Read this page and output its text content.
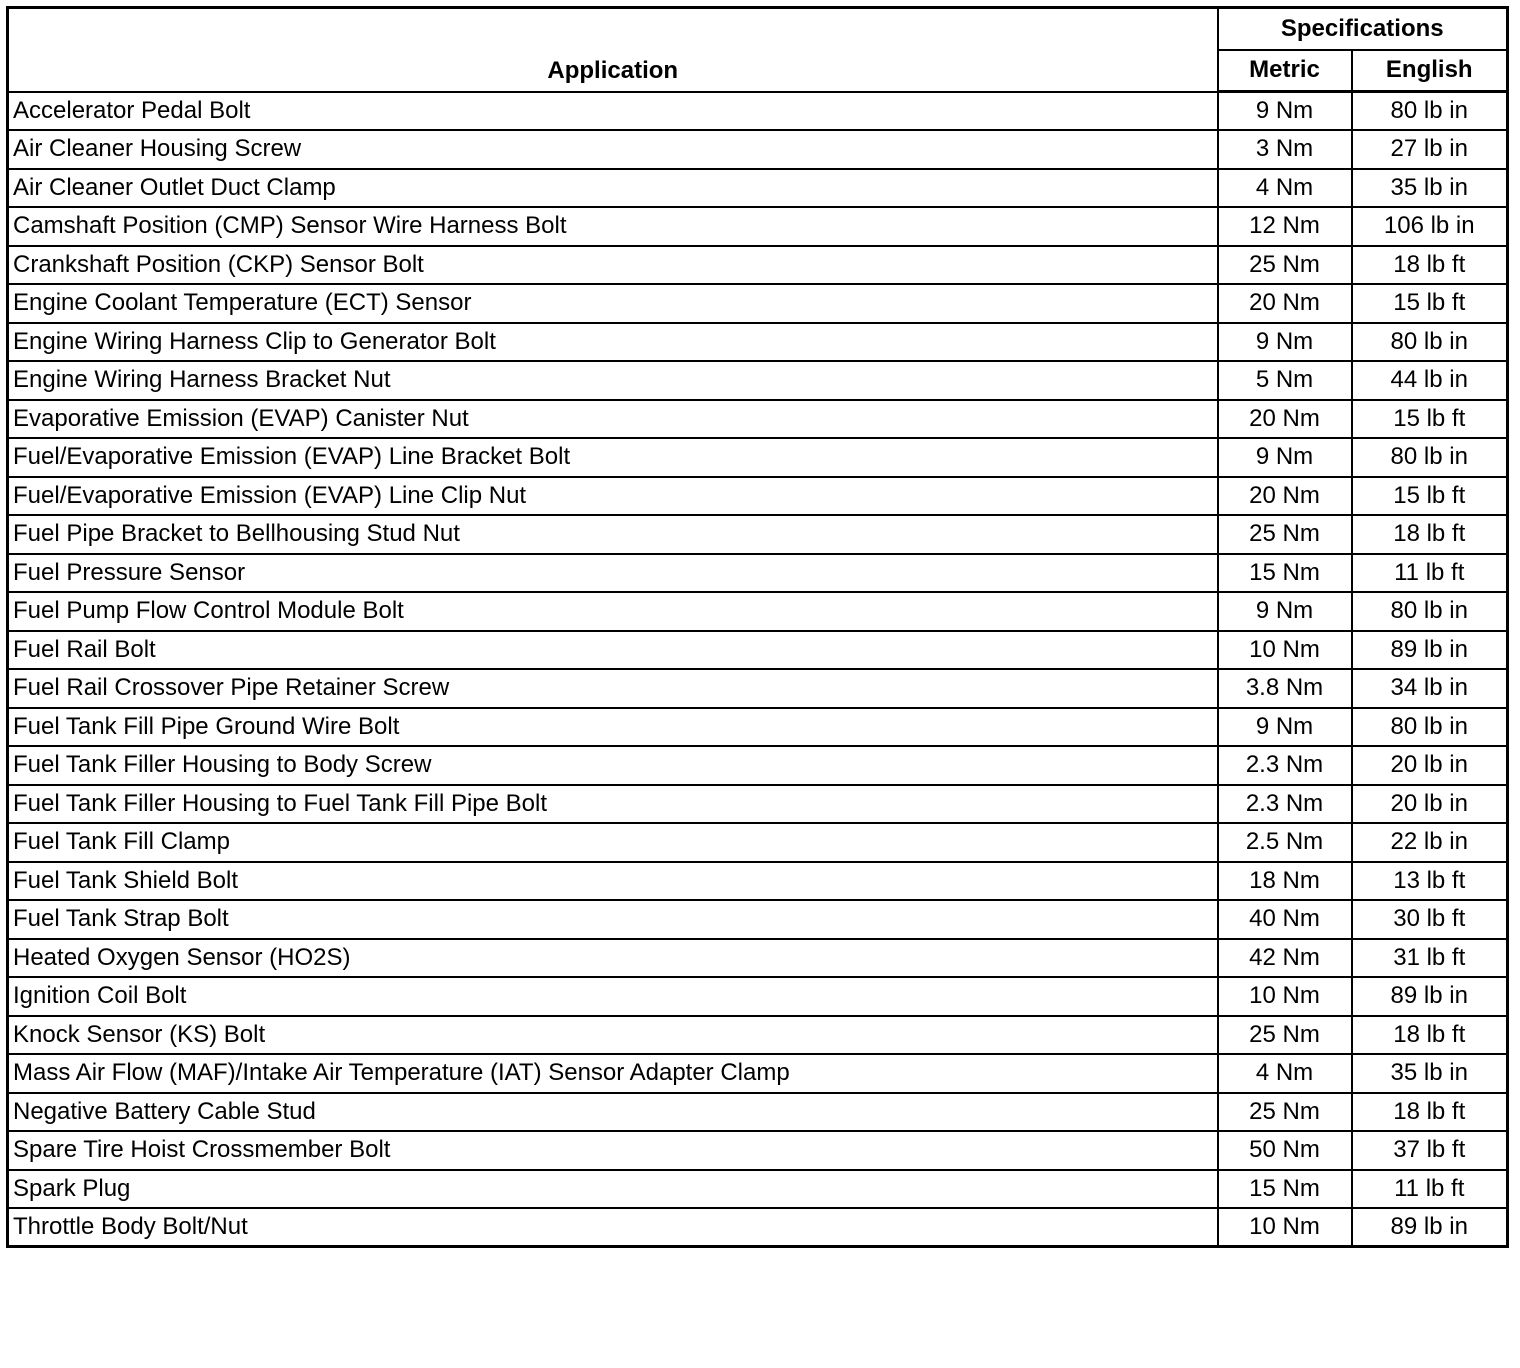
Application	Specifications	
	Metric	English
Accelerator Pedal Bolt	9 Nm	80 lb in
Air Cleaner Housing Screw	3 Nm	27 lb in
Air Cleaner Outlet Duct Clamp	4 Nm	35 lb in
Camshaft Position (CMP) Sensor Wire Harness Bolt	12 Nm	106 lb in
Crankshaft Position (CKP) Sensor Bolt	25 Nm	18 lb ft
Engine Coolant Temperature (ECT) Sensor	20 Nm	15 lb ft
Engine Wiring Harness Clip to Generator Bolt	9 Nm	80 lb in
Engine Wiring Harness Bracket Nut	5 Nm	44 lb in
Evaporative Emission (EVAP) Canister Nut	20 Nm	15 lb ft
Fuel/Evaporative Emission (EVAP) Line Bracket Bolt	9 Nm	80 lb in
Fuel/Evaporative Emission (EVAP) Line Clip Nut	20 Nm	15 lb ft
Fuel Pipe Bracket to Bellhousing Stud Nut	25 Nm	18 lb ft
Fuel Pressure Sensor	15 Nm	11 lb ft
Fuel Pump Flow Control Module Bolt	9 Nm	80 lb in
Fuel Rail Bolt	10 Nm	89 lb in
Fuel Rail Crossover Pipe Retainer Screw	3.8 Nm	34 lb in
Fuel Tank Fill Pipe Ground Wire Bolt	9 Nm	80 lb in
Fuel Tank Filler Housing to Body Screw	2.3 Nm	20 lb in
Fuel Tank Filler Housing to Fuel Tank Fill Pipe Bolt	2.3 Nm	20 lb in
Fuel Tank Fill Clamp	2.5 Nm	22 lb in
Fuel Tank Shield Bolt	18 Nm	13 lb ft
Fuel Tank Strap Bolt	40 Nm	30 lb ft
Heated Oxygen Sensor (HO2S)	42 Nm	31 lb ft
Ignition Coil Bolt	10 Nm	89 lb in
Knock Sensor (KS) Bolt	25 Nm	18 lb ft
Mass Air Flow (MAF)/Intake Air Temperature (IAT) Sensor Adapter Clamp	4 Nm	35 lb in
Negative Battery Cable Stud	25 Nm	18 lb ft
Spare Tire Hoist Crossmember Bolt	50 Nm	37 lb ft
Spark Plug	15 Nm	11 lb ft
Throttle Body Bolt/Nut	10 Nm	89 lb in
